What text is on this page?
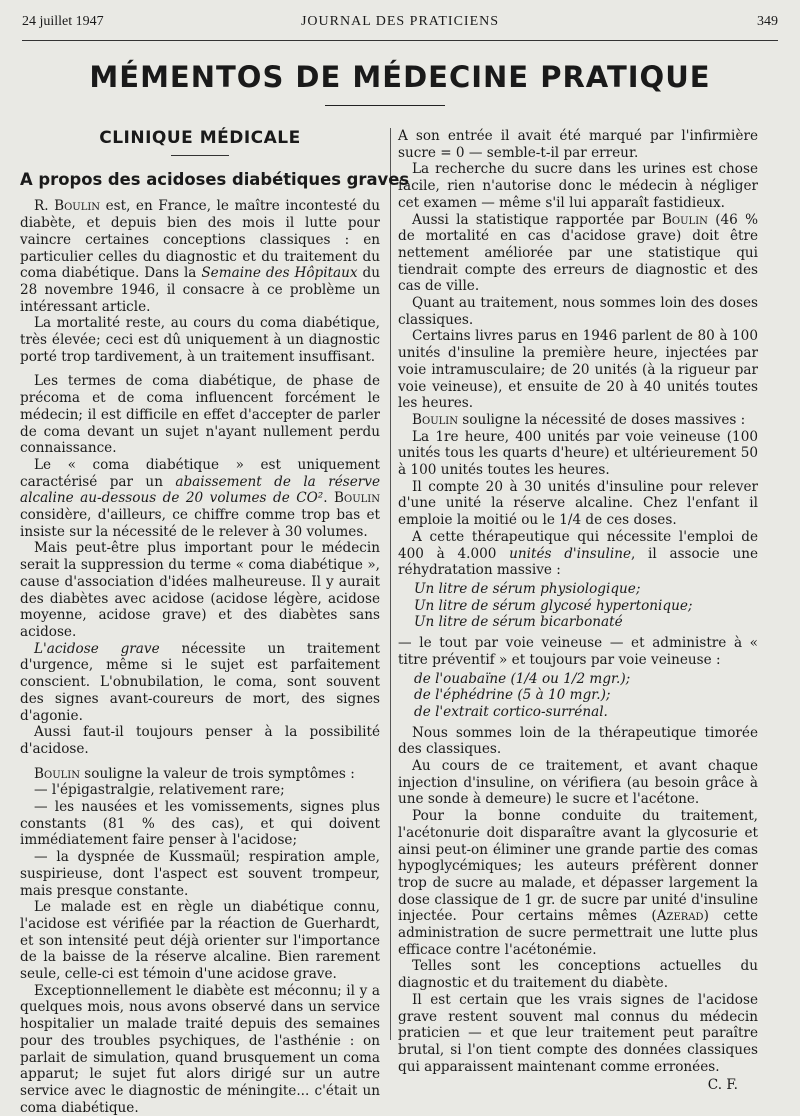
24 juillet 1947	JOURNAL DES PRATICIENS	349
MÉMENTOS DE MÉDECINE PRATIQUE
CLINIQUE MÉDICALE
A propos des acidoses diabétiques graves

R. Boulin est, en France, le maître incontesté du diabète, et depuis bien des mois il lutte pour vaincre certaines conceptions classiques : en particulier celles du diagnostic et du traitement du coma diabétique. Dans la Semaine des Hôpitaux du 28 novembre 1946, il consacre à ce problème un intéressant article.

La mortalité reste, au cours du coma diabétique, très élevée; ceci est dû uniquement à un diagnostic porté trop tardivement, à un traitement insuffisant.

Les termes de coma diabétique, de phase de précoma et de coma influencent forcément le médecin; il est difficile en effet d'accepter de parler de coma devant un sujet n'ayant nullement perdu connaissance.

Le « coma diabétique » est uniquement caractérisé par un abaissement de la réserve alcaline au-dessous de 20 volumes de CO². Boulin considère, d'ailleurs, ce chiffre comme trop bas et insiste sur la nécessité de le relever à 30 volumes.

Mais peut-être plus important pour le médecin serait la suppression du terme « coma diabétique », cause d'association d'idées malheureuse. Il y aurait des diabètes avec acidose (acidose légère, acidose moyenne, acidose grave) et des diabètes sans acidose.

L'acidose grave nécessite un traitement d'urgence, même si le sujet est parfaitement conscient. L'obnubilation, le coma, sont souvent des signes avant-coureurs de mort, des signes d'agonie.

Aussi faut-il toujours penser à la possibilité d'acidose.

Boulin souligne la valeur de trois symptômes :

— l'épigastralgie, relativement rare;

— les nausées et les vomissements, signes plus constants (81 % des cas), et qui doivent immédiatement faire penser à l'acidose;

— la dyspnée de Kussmaül; respiration ample, suspirieuse, dont l'aspect est souvent trompeur, mais presque constante.

Le malade est en règle un diabétique connu, l'acidose est vérifiée par la réaction de Guerhardt, et son intensité peut déjà orienter sur l'importance de la baisse de la réserve alcaline. Bien rarement seule, celle-ci est témoin d'une acidose grave.

Exceptionnellement le diabète est méconnu; il y a quelques mois, nous avons observé dans un service hospitalier un malade traité depuis des semaines pour des troubles psychiques, de l'asthénie : on parlait de simulation, quand brusquement un coma apparut; le sujet fut alors dirigé sur un autre service avec le diagnostic de méningite... c'était un coma diabétique.

A son entrée il avait été marqué par l'infirmière sucre = 0 — semble-t-il par erreur.

La recherche du sucre dans les urines est chose facile, rien n'autorise donc le médecin à négliger cet examen — même s'il lui apparaît fastidieux.

Aussi la statistique rapportée par Boulin (46 % de mortalité en cas d'acidose grave) doit être nettement améliorée par une statistique qui tiendrait compte des erreurs de diagnostic et des cas de ville.

Quant au traitement, nous sommes loin des doses classiques.

Certains livres parus en 1946 parlent de 80 à 100 unités d'insuline la première heure, injectées par voie intramusculaire; de 20 unités (à la rigueur par voie veineuse), et ensuite de 20 à 40 unités toutes les heures.

Boulin souligne la nécessité de doses massives :

La 1re heure, 400 unités par voie veineuse (100 unités tous les quarts d'heure) et ultérieurement 50 à 100 unités toutes les heures.

Il compte 20 à 30 unités d'insuline pour relever d'une unité la réserve alcaline. Chez l'enfant il emploie la moitié ou le 1/4 de ces doses.

A cette thérapeutique qui nécessite l'emploi de 400 à 4.000 unités d'insuline, il associe une réhydratation massive :

Un litre de sérum physiologique;
Un litre de sérum glycosé hypertonique;
Un litre de sérum bicarbonaté

— le tout par voie veineuse — et administre à « titre préventif » et toujours par voie veineuse :

de l'ouabaïne (1/4 ou 1/2 mgr.);
de l'éphédrine (5 à 10 mgr.);
de l'extrait cortico-surrénal.

Nous sommes loin de la thérapeutique timorée des classiques.

Au cours de ce traitement, et avant chaque injection d'insuline, on vérifiera (au besoin grâce à une sonde à demeure) le sucre et l'acétone.

Pour la bonne conduite du traitement, l'acétonurie doit disparaître avant la glycosurie et ainsi peut-on éliminer une grande partie des comas hypoglycémiques; les auteurs préfèrent donner trop de sucre au malade, et dépasser largement la dose classique de 1 gr. de sucre par unité d'insuline injectée. Pour certains mêmes (Azerad) cette administration de sucre permettrait une lutte plus efficace contre l'acétonémie.

Telles sont les conceptions actuelles du diagnostic et du traitement du diabète.

Il est certain que les vrais signes de l'acidose grave restent souvent mal connus du médecin praticien — et que leur traitement peut paraître brutal, si l'on tient compte des données classiques qui apparaissent maintenant comme erronées.

C. F.
